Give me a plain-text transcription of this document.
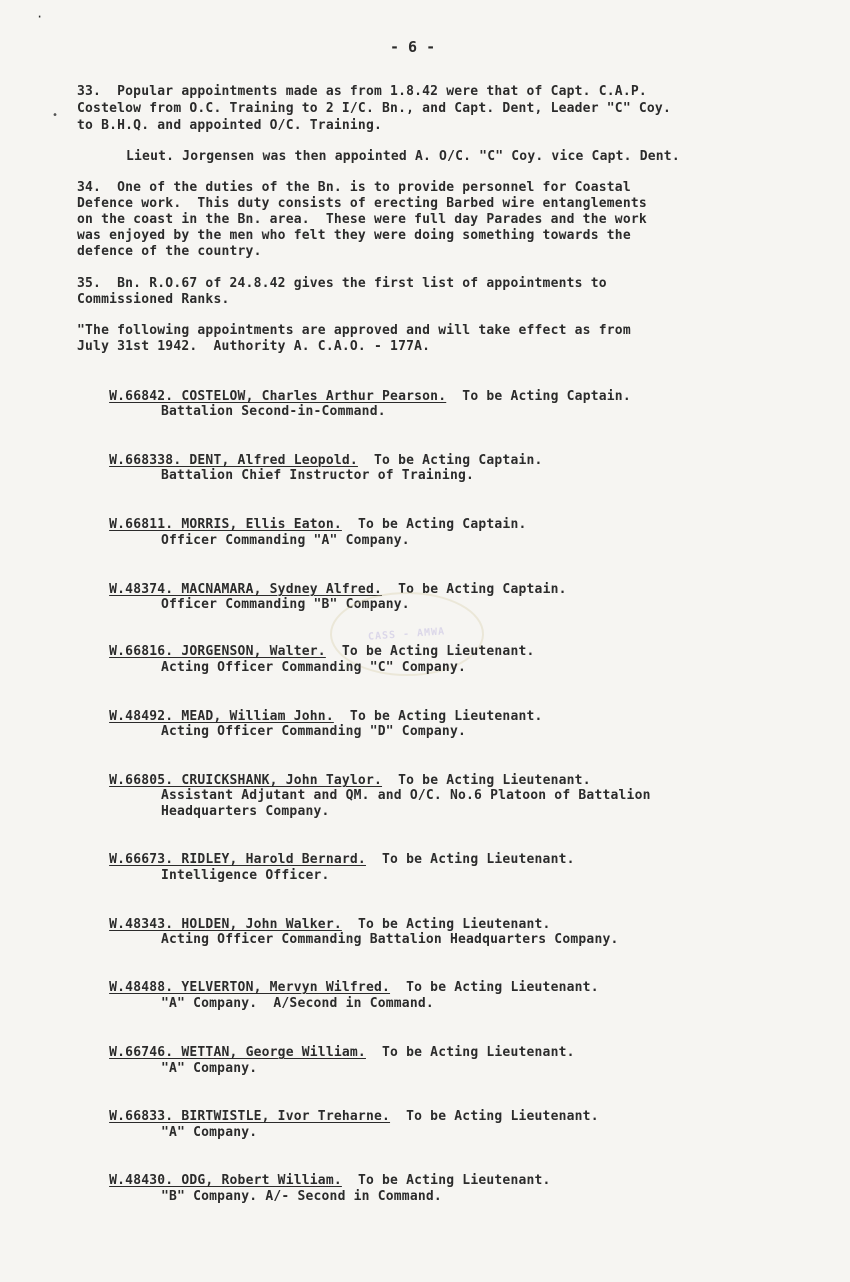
·
•
- 6 -
33.  Popular appointments made as from 1.8.42 were that of Capt. C.A.P.
Costelow from O.C. Training to 2 I/C. Bn., and Capt. Dent, Leader "C" Coy.
to B.H.Q. and appointed O/C. Training.
Lieut. Jorgensen was then appointed A. O/C. "C" Coy. vice Capt. Dent.
34.  One of the duties of the Bn. is to provide personnel for Coastal
Defence work.  This duty consists of erecting Barbed wire entanglements
on the coast in the Bn. area.  These were full day Parades and the work
was enjoyed by the men who felt they were doing something towards the
defence of the country.
35.  Bn. R.O.67 of 24.8.42 gives the first list of appointments to
Commissioned Ranks.
"The following appointments are approved and will take effect as from
July 31st 1942.  Authority A. C.A.O. - 177A.

W.66842. COSTELOW, Charles Arthur Pearson.  To be Acting Captain.

Battalion Second-in-Command.

W.668338. DENT, Alfred Leopold.  To be Acting Captain.

Battalion Chief Instructor of Training.

W.66811. MORRIS, Ellis Eaton.  To be Acting Captain.

Officer Commanding "A" Company.

W.48374. MACNAMARA, Sydney Alfred.  To be Acting Captain.

Officer Commanding "B" Company.
CASS - AMWA

W.66816. JORGENSON, Walter.  To be Acting Lieutenant.

Acting Officer Commanding "C" Company.

W.48492. MEAD, William John.  To be Acting Lieutenant.

Acting Officer Commanding "D" Company.

W.66805. CRUICKSHANK, John Taylor.  To be Acting Lieutenant.

Assistant Adjutant and QM. and O/C. No.6 Platoon of Battalion
Headquarters Company.

W.66673. RIDLEY, Harold Bernard.  To be Acting Lieutenant.

Intelligence Officer.

W.48343. HOLDEN, John Walker.  To be Acting Lieutenant.

Acting Officer Commanding Battalion Headquarters Company.

W.48488. YELVERTON, Mervyn Wilfred.  To be Acting Lieutenant.

"A" Company.  A/Second in Command.

W.66746. WETTAN, George William.  To be Acting Lieutenant.

"A" Company.

W.66833. BIRTWISTLE, Ivor Treharne.  To be Acting Lieutenant.

"A" Company.

W.48430. ODG, Robert William.  To be Acting Lieutenant.

"B" Company. A/- Second in Command.
